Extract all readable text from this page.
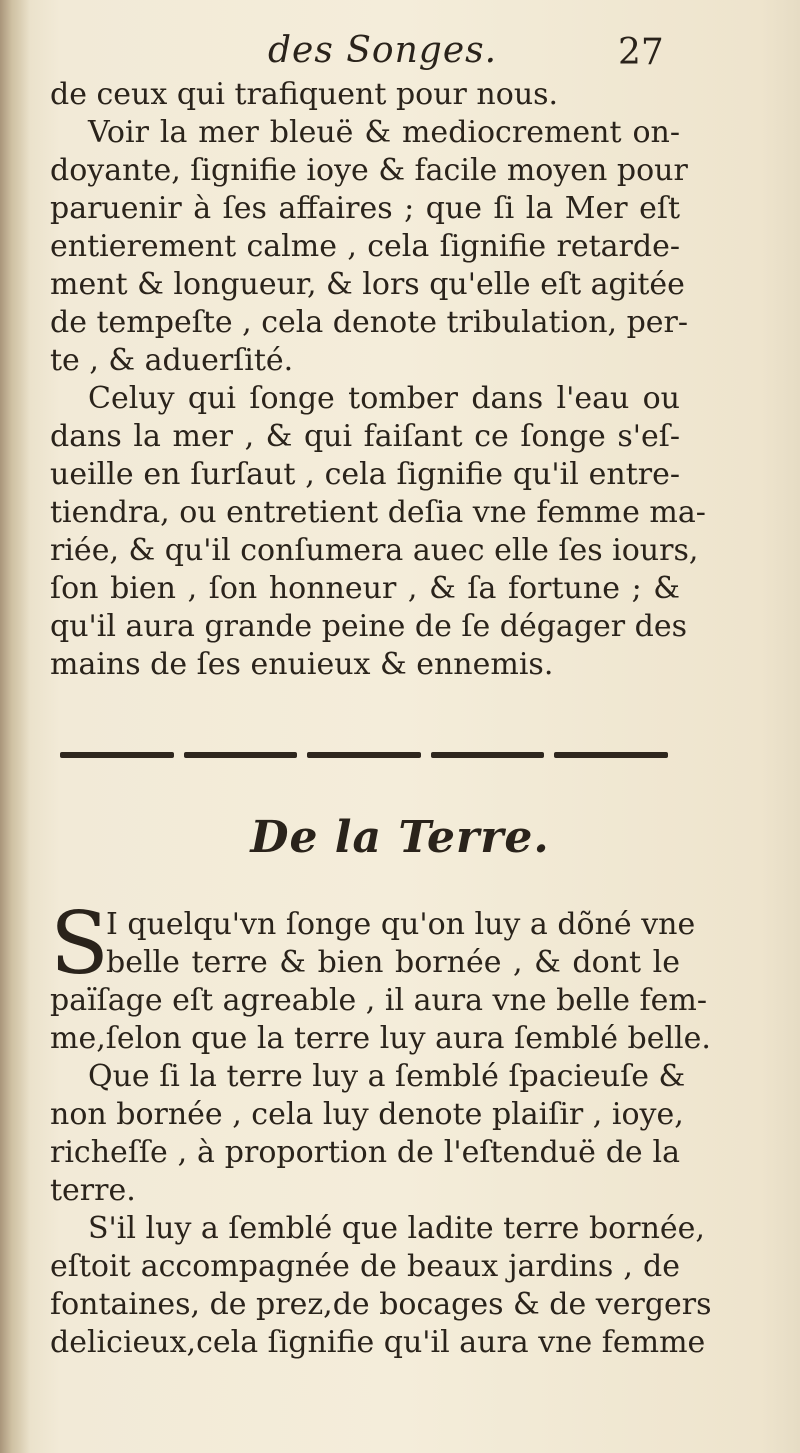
des Songes.	27
de ceux qui trafiquent pour nous.
Voir la mer bleuë & mediocrement on-
doyante, ſignifie ioye & facile moyen pour
paruenir à ſes affaires ; que ſi la Mer eſt
entierement calme , cela ſignifie retarde-
ment & longueur, & lors qu'elle eſt agitée
de tempeſte , cela denote tribulation, per-
te , & aduerſité.
Celuy qui ſonge tomber dans l'eau ou
dans la mer , & qui faiſant ce ſonge s'eſ-
ueille en ſurſaut , cela ſignifie qu'il entre-
tiendra, ou entretient deſia vne femme ma-
riée, & qu'il conſumera auec elle ſes iours,
ſon bien , ſon honneur , & ſa fortune ; &
qu'il aura grande peine de ſe dégager des
mains de ſes enuieux & ennemis.
De la Terre.
S
I quelqu'vn ſonge qu'on luy a dõné vne
belle terre & bien bornée , & dont le
païſage eſt agreable , il aura vne belle fem-
me,ſelon que la terre luy aura ſemblé belle.
Que ſi la terre luy a ſemblé ſpacieuſe &
non bornée , cela luy denote plaiſir , ioye,
richeſſe , à proportion de l'eſtenduë de la
terre.
S'il luy a ſemblé que ladite terre bornée,
eſtoit accompagnée de beaux jardins , de
fontaines, de prez,de bocages & de vergers
delicieux,cela ſignifie qu'il aura vne femme
